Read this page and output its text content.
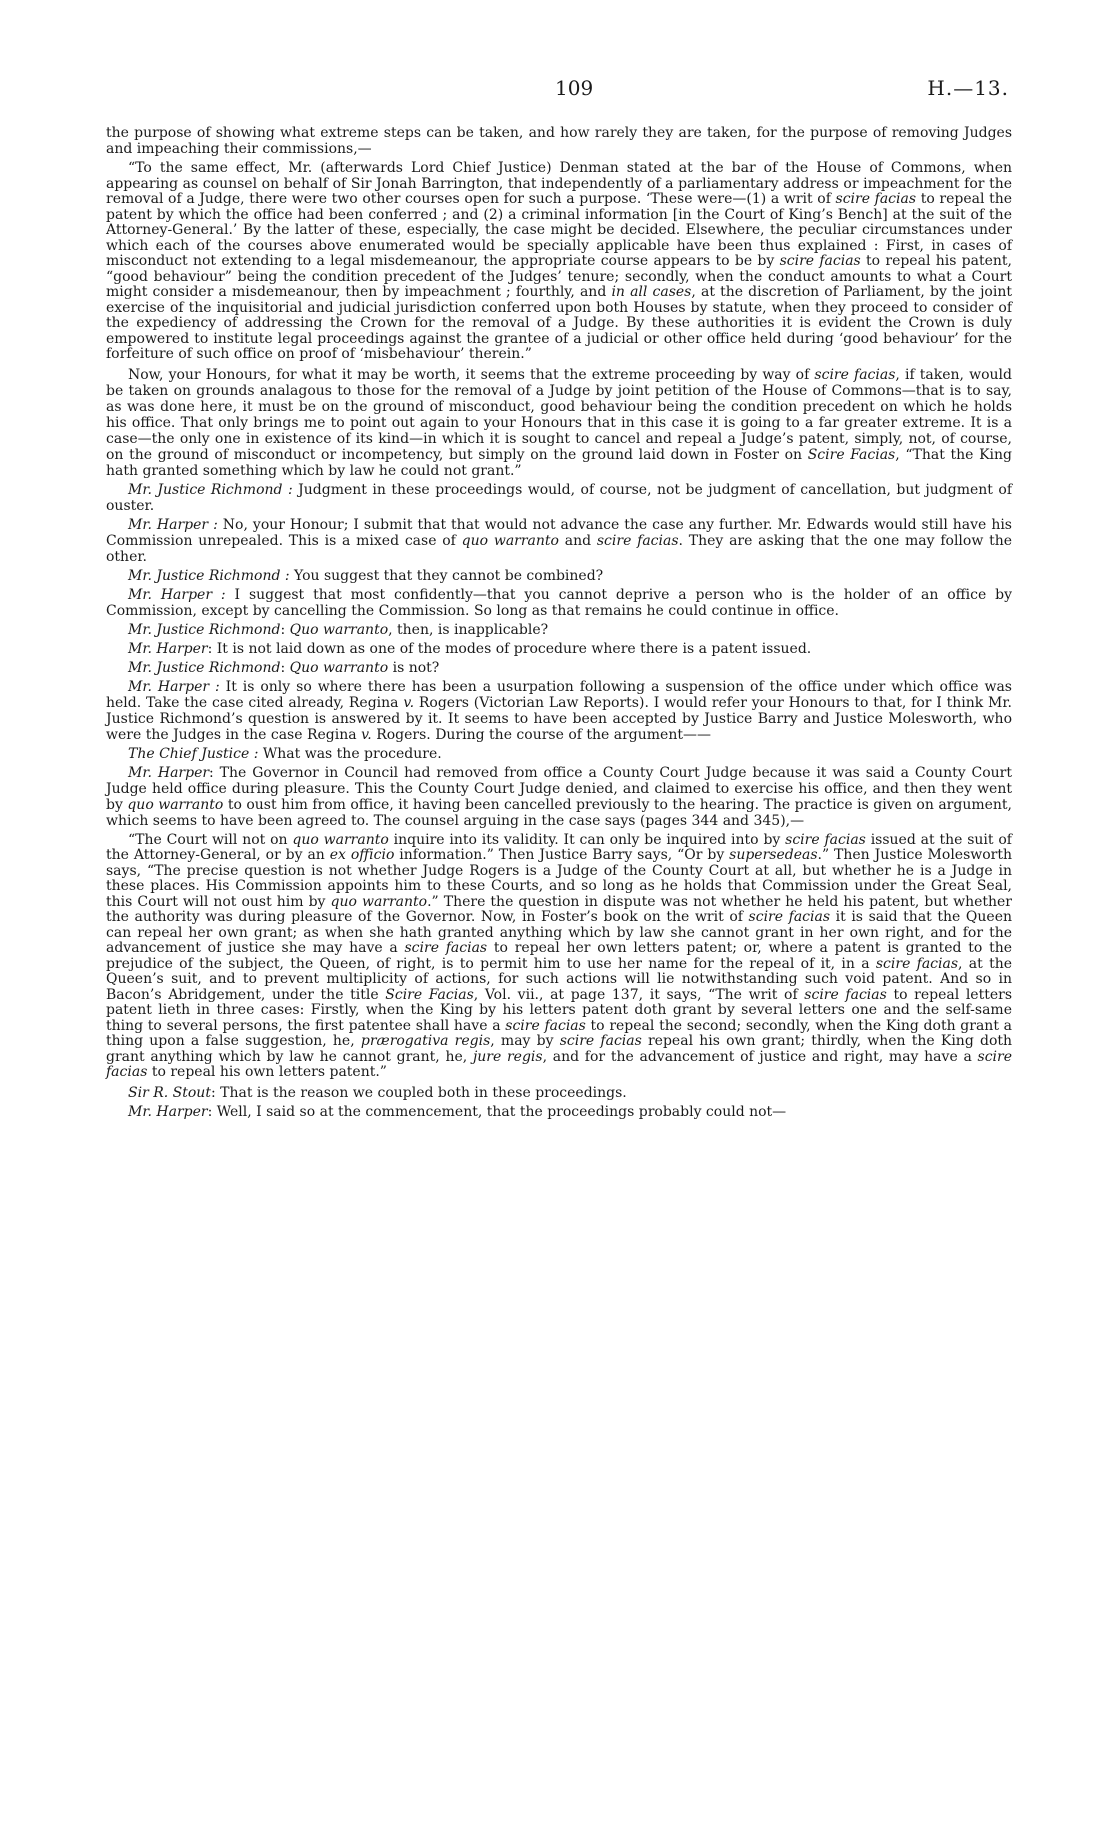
109	H.—13.

the purpose of showing what extreme steps can be taken, and how rarely they are taken, for the purpose of removing Judges and impeaching their commissions,—

“To the same effect, Mr. (afterwards Lord Chief Justice) Denman stated at the bar of the House of Commons, when appearing as counsel on behalf of Sir Jonah Barrington, that independently of a parliamentary address or impeachment for the removal of a Judge, there were two other courses open for such a purpose. ‘These were—(1) a writ of scire facias to repeal the patent by which the office had been conferred ; and (2) a criminal information [in the Court of King’s Bench] at the suit of the Attorney-General.’ By the latter of these, especially, the case might be decided. Elsewhere, the peculiar circumstances under which each of the courses above enumerated would be specially applicable have been thus explained : First, in cases of misconduct not extending to a legal misdemeanour, the appropriate course appears to be by scire facias to repeal his patent, “good behaviour” being the condition precedent of the Judges’ tenure; secondly, when the conduct amounts to what a Court might consider a misdemeanour, then by impeachment ; fourthly, and in all cases, at the discretion of Parliament, by the joint exercise of the inquisitorial and judicial jurisdiction conferred upon both Houses by statute, when they proceed to consider of the expediency of addressing the Crown for the removal of a Judge. By these authorities it is evident the Crown is duly empowered to institute legal proceedings against the grantee of a judicial or other office held during ‘good behaviour’ for the forfeiture of such office on proof of ‘misbehaviour’ therein.”

Now, your Honours, for what it may be worth, it seems that the extreme proceeding by way of scire facias, if taken, would be taken on grounds analagous to those for the removal of a Judge by joint petition of the House of Commons—that is to say, as was done here, it must be on the ground of misconduct, good behaviour being the condition precedent on which he holds his office. That only brings me to point out again to your Honours that in this case it is going to a far greater extreme. It is a case—the only one in existence of its kind—in which it is sought to cancel and repeal a Judge’s patent, simply, not, of course, on the ground of misconduct or incompetency, but simply on the ground laid down in Foster on Scire Facias, “That the King hath granted something which by law he could not grant.”

Mr. Justice Richmond : Judgment in these proceedings would, of course, not be judgment of cancellation, but judgment of ouster.

Mr. Harper : No, your Honour; I submit that that would not advance the case any further. Mr. Edwards would still have his Commission unrepealed. This is a mixed case of quo warranto and scire facias. They are asking that the one may follow the other.

Mr. Justice Richmond : You suggest that they cannot be combined?

Mr. Harper : I suggest that most confidently—that you cannot deprive a person who is the holder of an office by Commission, except by cancelling the Commission. So long as that remains he could continue in office.

Mr. Justice Richmond: Quo warranto, then, is inapplicable?

Mr. Harper: It is not laid down as one of the modes of procedure where there is a patent issued.

Mr. Justice Richmond: Quo warranto is not?

Mr. Harper : It is only so where there has been a usurpation following a suspension of the office under which office was held. Take the case cited already, Regina v. Rogers (Victorian Law Reports). I would refer your Honours to that, for I think Mr. Justice Richmond’s question is answered by it. It seems to have been accepted by Justice Barry and Justice Molesworth, who were the Judges in the case Regina v. Rogers. During the course of the argument——

The Chief Justice : What was the procedure.

Mr. Harper: The Governor in Council had removed from office a County Court Judge because it was said a County Court Judge held office during pleasure. This the County Court Judge denied, and claimed to exercise his office, and then they went by quo warranto to oust him from office, it having been cancelled previously to the hearing. The practice is given on argument, which seems to have been agreed to. The counsel arguing in the case says (pages 344 and 345),—

“The Court will not on quo warranto inquire into its validity. It can only be inquired into by scire facias issued at the suit of the Attorney-General, or by an ex officio information.” Then Justice Barry says, “Or by supersedeas.” Then Justice Molesworth says, “The precise question is not whether Judge Rogers is a Judge of the County Court at all, but whether he is a Judge in these places. His Commission appoints him to these Courts, and so long as he holds that Commission under the Great Seal, this Court will not oust him by quo warranto.” There the question in dispute was not whether he held his patent, but whether the authority was during pleasure of the Governor. Now, in Foster’s book on the writ of scire facias it is said that the Queen can repeal her own grant; as when she hath granted anything which by law she cannot grant in her own right, and for the advancement of justice she may have a scire facias to repeal her own letters patent; or, where a patent is granted to the prejudice of the subject, the Queen, of right, is to permit him to use her name for the repeal of it, in a scire facias, at the Queen’s suit, and to prevent multiplicity of actions, for such actions will lie notwithstanding such void patent. And so in Bacon’s Abridgement, under the title Scire Facias, Vol. vii., at page 137, it says, “The writ of scire facias to repeal letters patent lieth in three cases: Firstly, when the King by his letters patent doth grant by several letters one and the self-same thing to several persons, the first patentee shall have a scire facias to repeal the second; secondly, when the King doth grant a thing upon a false suggestion, he, prærogativa regis, may by scire facias repeal his own grant; thirdly, when the King doth grant anything which by law he cannot grant, he, jure regis, and for the advancement of justice and right, may have a scire facias to repeal his own letters patent.”

Sir R. Stout: That is the reason we coupled both in these proceedings.

Mr. Harper: Well, I said so at the commencement, that the proceedings probably could not—
